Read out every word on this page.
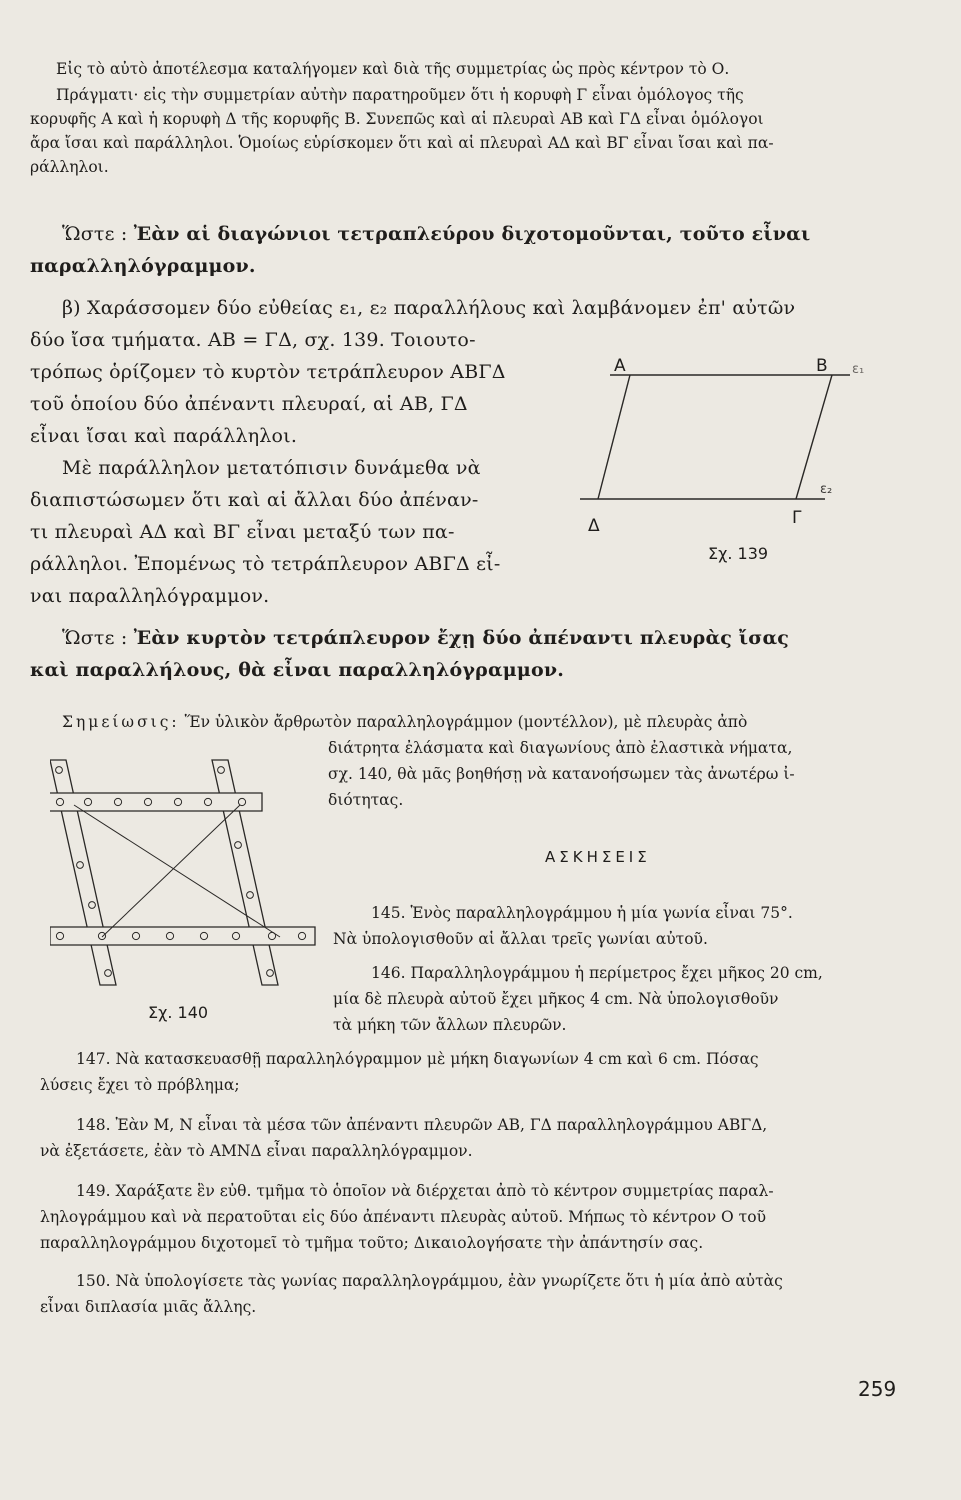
Εἰς τὸ αὐτὸ ἀποτέλεσμα καταλήγομεν καὶ διὰ τῆς συμμετρίας ὡς πρὸς κέντρον τὸ Ο.
Πράγματι· εἰς τὴν συμμετρίαν αὐτὴν παρατηροῦμεν ὅτι ἡ κορυφὴ Γ εἶναι ὁμόλογος τῆς
κορυφῆς Α καὶ ἡ κορυφὴ Δ τῆς κορυφῆς Β. Συνεπῶς καὶ αἱ πλευραὶ ΑΒ καὶ ΓΔ εἶναι ὁμόλογοι
ἄρα ἴσαι καὶ παράλληλοι. Ὁμοίως εὑρίσκομεν ὅτι καὶ αἱ πλευραὶ ΑΔ καὶ ΒΓ εἶναι ἴσαι καὶ πα-
ράλληλοι.
Ὥστε : Ἐὰν αἱ διαγώνιοι τετραπλεύρου διχοτομοῦνται, τοῦτο εἶναι
παραλληλόγραμμον.
β) Χαράσσομεν δύο εὐθείας ε₁, ε₂ παραλλήλους καὶ λαμβάνομεν ἐπ' αὐτῶν
δύο ἴσα τμήματα. ΑΒ = ΓΔ, σχ. 139. Τοιουτο-
τρόπως ὁρίζομεν τὸ κυρτὸν τετράπλευρον ΑΒΓΔ
τοῦ ὁποίου δύο ἀπέναντι πλευραί, αἱ ΑΒ, ΓΔ
εἶναι ἴσαι καὶ παράλληλοι.
Μὲ παράλληλον μετατόπισιν δυνάμεθα νὰ
διαπιστώσωμεν ὅτι καὶ αἱ ἄλλαι δύο ἀπέναν-
τι πλευραὶ ΑΔ καὶ ΒΓ εἶναι μεταξύ των πα-
ράλληλοι. Ἐπομένως τὸ τετράπλευρον ΑΒΓΔ εἶ-
ναι παραλληλόγραμμον.
Α	Β ε₁
ε₂
Δ	Γ
Σχ. 139
Ὥστε : Ἐὰν κυρτὸν τετράπλευρον ἔχῃ δύο ἀπέναντι πλευρὰς ἴσας
καὶ παραλλήλους, θὰ εἶναι παραλληλόγραμμον.
Σημείωσις: Ἕν ὑλικὸν ἄρθρωτὸν παραλληλογράμμον (μοντέλλον), μὲ πλευρὰς ἀπὸ
διάτρητα ἐλάσματα καὶ διαγωνίους ἀπὸ ἐλαστικὰ νήματα,
σχ. 140, θὰ μᾶς βοηθήσῃ νὰ κατανοήσωμεν τὰς ἀνωτέρω ἰ-
διότητας.
Σχ. 140
ΑΣΚΗΣΕΙΣ
145. Ἑνὸς παραλληλογράμμου ἡ μία γωνία εἶναι 75°.
Νὰ ὑπολογισθοῦν αἱ ἄλλαι τρεῖς γωνίαι αὐτοῦ.
146. Παραλληλογράμμου ἡ περίμετρος ἔχει μῆκος 20 cm,
μία δὲ πλευρὰ αὐτοῦ ἔχει μῆκος 4 cm. Νὰ ὑπολογισθοῦν
τὰ μήκη τῶν ἄλλων πλευρῶν.
147. Νὰ κατασκευασθῇ παραλληλόγραμμον μὲ μήκη διαγωνίων 4 cm καὶ 6 cm. Πόσας
λύσεις ἔχει τὸ πρόβλημα;
148. Ἐὰν Μ, Ν εἶναι τὰ μέσα τῶν ἀπέναντι πλευρῶν ΑΒ, ΓΔ παραλληλογράμμου ΑΒΓΔ,
νὰ ἐξετάσετε, ἐὰν τὸ ΑΜΝΔ εἶναι παραλληλόγραμμον.
149. Χαράξατε ἓν εὐθ. τμῆμα τὸ ὁποῖον νὰ διέρχεται ἀπὸ τὸ κέντρον συμμετρίας παραλ-
ληλογράμμου καὶ νὰ περατοῦται εἰς δύο ἀπέναντι πλευρὰς αὐτοῦ. Μήπως τὸ κέντρον Ο τοῦ
παραλληλογράμμου διχοτομεῖ τὸ τμῆμα τοῦτο; Δικαιολογήσατε τὴν ἀπάντησίν σας.
150. Νὰ ὑπολογίσετε τὰς γωνίας παραλληλογράμμου, ἐὰν γνωρίζετε ὅτι ἡ μία ἀπὸ αὐτὰς
εἶναι διπλασία μιᾶς ἄλλης.
259
